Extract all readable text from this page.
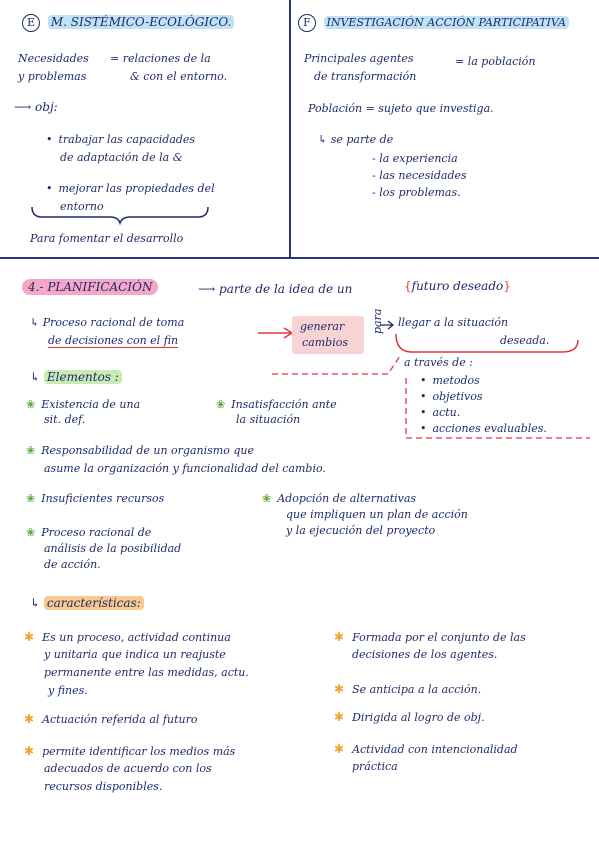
E M. SISTÉMICO-ECOLÓGICO.
Necesidades = relaciones de la
y problemas	& con el entorno.
⟶ obj:
• trabajar las capacidades
de adaptación de la &
• mejorar las propiedades del
entorno
Para fomentar el desarrollo
F INVESTIGACIÓN ACCIÓN PARTICIPATIVA
Principales agentes	= la población
de transformación
Población = sujeto que investiga.
↳ se parte de
- la experiencia
- las necesidades
- los problemas.
4.- PLANIFICACIÓN	⟶ parte de la idea de un	{futuro deseado}
↳ Proceso racional de toma
de decisiones con el fin
generar
cambios
para llegar a la situación
deseada.
a través de :
• metodos
• objetivos
• actu.
• acciones evaluables.
↳ Elementos :
❀ Existencia de una
sit. def.
❀ Insatisfacción ante
la situación
❀ Responsabilidad de un organismo que
asume la organización y funcionalidad del cambio.
❀ Insuficientes recursos	❀ Adopción de alternativas
que impliquen un plan de acción
y la ejecución del proyecto
❀ Proceso racional de
análisis de la posibilidad
de acción.
↳ características:
✱ Es un proceso, actividad continua
y unitaria que indica un reajuste
permanente entre las medidas, actu.
y fines.
✱ Actuación referida al futuro
✱ permite identificar los medios más
adecuados de acuerdo con los
recursos disponibles.
✱ Formada por el conjunto de las
decisiones de los agentes.
✱ Se anticipa a la acción.
✱ Dirigida al logro de obj.
✱ Actividad con intencionalidad
práctica
